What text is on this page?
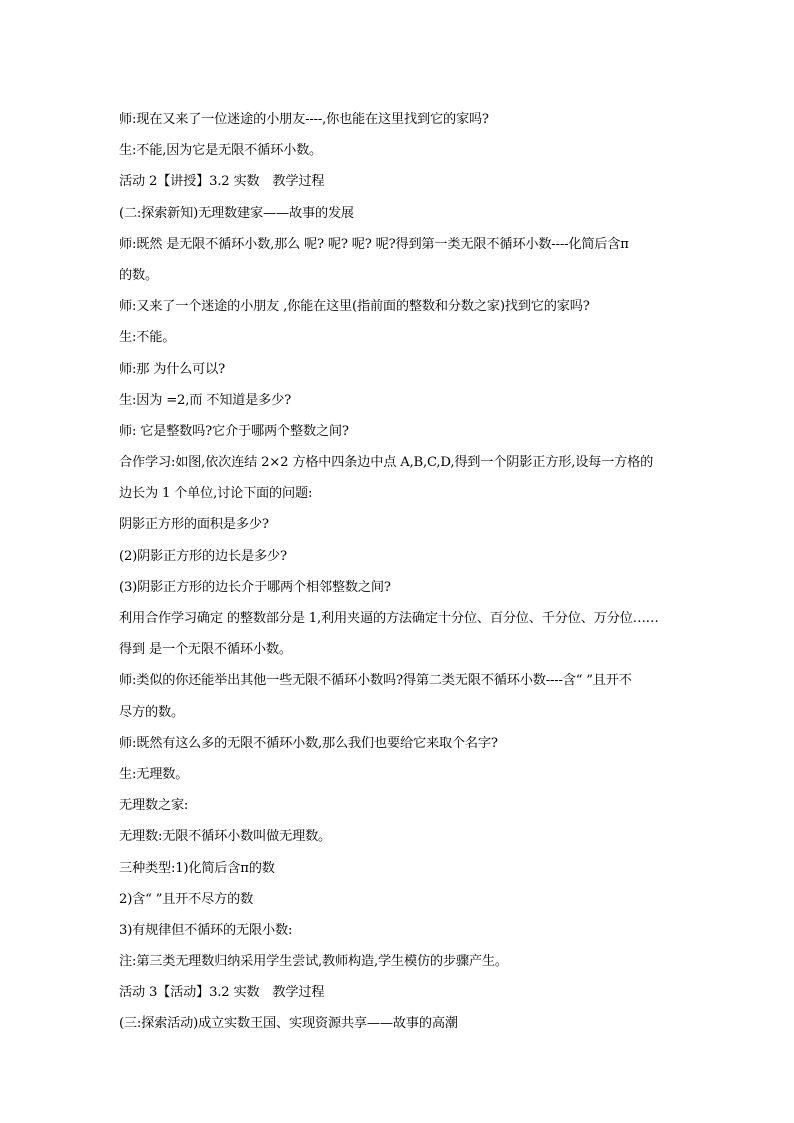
师:现在又来了一位迷途的小朋友----,你也能在这里找到它的家吗?
生:不能,因为它是无限不循环小数。
活动 2【讲授】3.2 实数　教学过程
(二:探索新知)无理数建家——故事的发展
师:既然 是无限不循环小数,那么 呢? 呢? 呢? 呢?得到第一类无限不循环小数----化简后含π
的数。
师:又来了一个迷途的小朋友 ,你能在这里(指前面的整数和分数之家)找到它的家吗?
生:不能。
师:那 为什么可以?
生:因为 =2,而 不知道是多少?
师: 它是整数吗?它介于哪两个整数之间?
合作学习:如图,依次连结 2×2 方格中四条边中点 A,B,C,D,得到一个阴影正方形,设每一方格的
边长为 1 个单位,讨论下面的问题:
阴影正方形的面积是多少?
(2)阴影正方形的边长是多少?
(3)阴影正方形的边长介于哪两个相邻整数之间?
利用合作学习确定 的整数部分是 1,利用夹逼的方法确定十分位、百分位、千分位、万分位……
得到 是一个无限不循环小数。
师:类似的你还能举出其他一些无限不循环小数吗?得第二类无限不循环小数----含“ ”且开不
尽方的数。
师:既然有这么多的无限不循环小数,那么我们也要给它来取个名字?
生:无理数。
无理数之家:
无理数:无限不循环小数叫做无理数。
三种类型:1)化简后含π的数
2)含“ ”且开不尽方的数
3)有规律但不循环的无限小数:
注:第三类无理数归纳采用学生尝试,教师构造,学生模仿的步骤产生。
活动 3【活动】3.2 实数　教学过程
(三:探索活动)成立实数王国、实现资源共享——故事的高潮
